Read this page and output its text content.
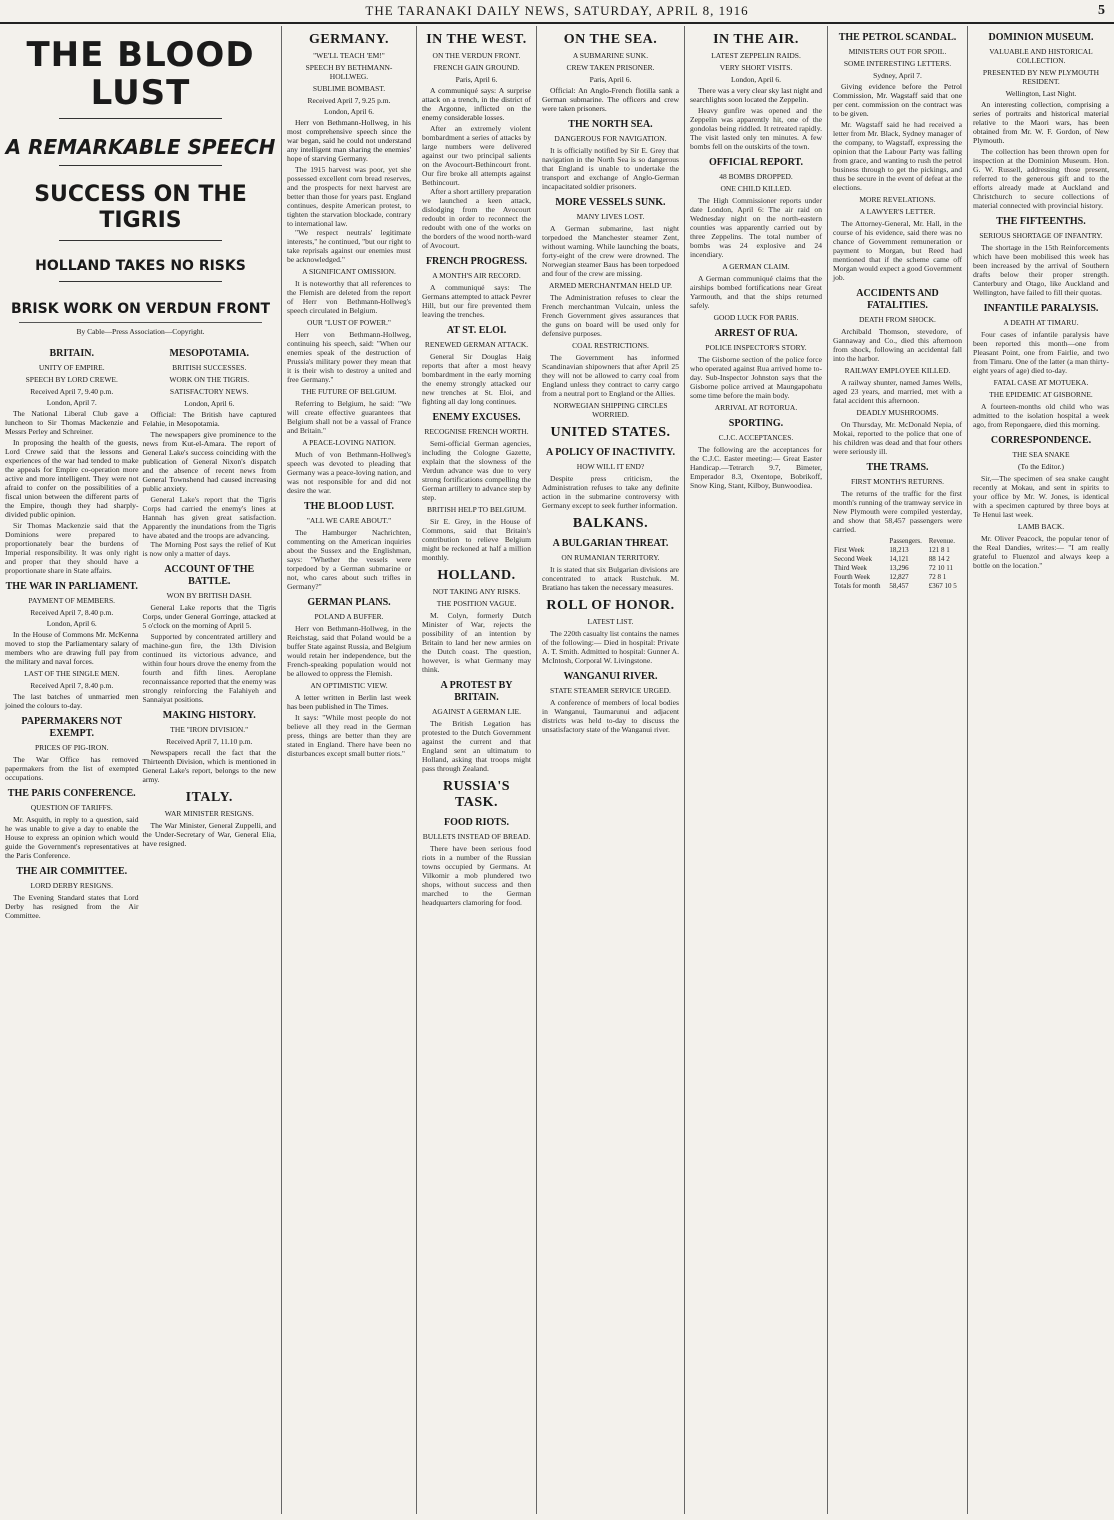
THE TARANAKI DAILY NEWS, SATURDAY, APRIL 8, 1916	5
THE BLOOD LUST
A REMARKABLE SPEECH
SUCCESS ON THE TIGRIS
HOLLAND TAKES NO RISKS
BRISK WORK ON VERDUN FRONT
By Cable—Press Association—Copyright.
BRITAIN.
UNITY OF EMPIRE.
SPEECH BY LORD CREWE.
Received April 7, 9.40 p.m.
London, April 7.

The National Liberal Club gave a luncheon to Sir Thomas Mackenzie and Messrs Perley and Schreiner.

In proposing the health of the guests, Lord Crewe said that the lessons and experiences of the war had tended to make the appeals for Empire co-operation more active and more intelligent. They were not afraid to confer on the possibilities of a fiscal union between the different parts of the Empire, though they had sharply-divided public opinion.

Sir Thomas Mackenzie said that the Dominions were prepared to proportionately bear the burdens of Imperial responsibility. It was only right and proper that they should have a proportionate share in State affairs.

THE WAR IN PARLIAMENT.
PAYMENT OF MEMBERS.
Received April 7, 8.40 p.m.
London, April 6.

In the House of Commons Mr. McKenna moved to stop the Parliamentary salary of members who are drawing full pay from the military and naval forces.

LAST OF THE SINGLE MEN.
Received April 7, 8.40 p.m.

The last batches of unmarried men joined the colours to-day.

PAPERMAKERS NOT EXEMPT.
PRICES OF PIG-IRON.

The War Office has removed papermakers from the list of exempted occupations.

THE PARIS CONFERENCE.
QUESTION OF TARIFFS.

Mr. Asquith, in reply to a question, said he was unable to give a day to enable the House to express an opinion which would guide the Government's representatives at the Paris Conference.

THE AIR COMMITTEE.
LORD DERBY RESIGNS.

The Evening Standard states that Lord Derby has resigned from the Air Committee.

MESOPOTAMIA.
BRITISH SUCCESSES.
WORK ON THE TIGRIS.
SATISFACTORY NEWS.
London, April 6.

Official: The British have captured Felahie, in Mesopotamia.

The newspapers give prominence to the news from Kut-el-Amara. The report of General Lake's success coinciding with the publication of General Nixon's dispatch and the absence of recent news from General Townshend had caused increasing public anxiety.

General Lake's report that the Tigris Corps had carried the enemy's lines at Hannah has given great satisfaction. Apparently the inundations from the Tigris have abated and the troops are advancing.

The Morning Post says the relief of Kut is now only a matter of days.

ACCOUNT OF THE BATTLE.
WON BY BRITISH DASH.

General Lake reports that the Tigris Corps, under General Gorringe, attacked at 5 o'clock on the morning of April 5.

Supported by concentrated artillery and machine-gun fire, the 13th Division continued its victorious advance, and within four hours drove the enemy from the fourth and fifth lines. Aeroplane reconnaissance reported that the enemy was strongly reinforcing the Falahiyeh and Sannaiyat positions.

MAKING HISTORY.
THE "IRON DIVISION."
Received April 7, 11.10 p.m.

Newspapers recall the fact that the Thirteenth Division, which is mentioned in General Lake's report, belongs to the new army.

ITALY.
WAR MINISTER RESIGNS.

The War Minister, General Zuppelli, and the Under-Secretary of War, General Elia, have resigned.

GERMANY.
"WE'LL TEACH 'EM!"
SPEECH BY BETHMANN-HOLLWEG.
SUBLIME BOMBAST.
Received April 7, 9.25 p.m.
London, April 6.

Herr von Bethmann-Hollweg, in his most comprehensive speech since the war began, said he could not understand any intelligent man sharing the enemies' hope of starving Germany.

The 1915 harvest was poor, yet she possessed excellent corn bread reserves, and the prospects for next harvest are better than those for years past. England continues, despite American protest, to tighten the starvation blockade, contrary to international law.

"We respect neutrals' legitimate interests," he continued, "but our right to take reprisals against our enemies must be acknowledged."

A SIGNIFICANT OMISSION.

It is noteworthy that all references to the Flemish are deleted from the report of Herr von Bethmann-Hollweg's speech circulated in Belgium.

OUR "LUST OF POWER."

Herr von Bethmann-Hollweg, continuing his speech, said: "When our enemies speak of the destruction of Prussia's military power they mean that it is their wish to destroy a united and free Germany."

THE FUTURE OF BELGIUM.

Referring to Belgium, he said: "We will create effective guarantees that Belgium shall not be a vassal of France and Britain."

A PEACE-LOVING NATION.

Much of von Bethmann-Hollweg's speech was devoted to pleading that Germany was a peace-loving nation, and was not responsible for and did not desire the war.

THE BLOOD LUST.
"ALL WE CARE ABOUT."

The Hamburger Nachrichten, commenting on the American inquiries about the Sussex and the Englishman, says: "Whether the vessels were torpedoed by a German submarine or not, who cares about such trifles in Germany?"

GERMAN PLANS.
POLAND A BUFFER.

Herr von Bethmann-Hollweg, in the Reichstag, said that Poland would be a buffer State against Russia, and Belgium would retain her independence, but the French-speaking population would not be allowed to oppress the Flemish.

AN OPTIMISTIC VIEW.

A letter written in Berlin last week has been published in The Times.

It says: "While most people do not believe all they read in the German press, things are better than they are stated in England. There have been no disturbances except small butter riots."

IN THE WEST.
ON THE VERDUN FRONT.
FRENCH GAIN GROUND.
Paris, April 6.

A communiqué says: A surprise attack on a trench, in the district of the Argonne, inflicted on the enemy considerable losses.

After an extremely violent bombardment a series of attacks by large numbers were delivered against our two principal salients on the Avocourt-Bethincourt front. Our fire broke all attempts against Bethincourt.

After a short artillery preparation we launched a keen attack, dislodging from the Avocourt redoubt in order to reconnect the redoubt with one of the works on the borders of the wood north-ward of Avocourt.

FRENCH PROGRESS.
A MONTH'S AIR RECORD.

A communiqué says: The Germans attempted to attack Pevrer Hill, but our fire prevented them leaving the trenches.

AT ST. ELOI.
RENEWED GERMAN ATTACK.

General Sir Douglas Haig reports that after a most heavy bombardment in the early morning the enemy strongly attacked our new trenches at St. Eloi, and fighting all day long continues.

ENEMY EXCUSES.
RECOGNISE FRENCH WORTH.

Semi-official German agencies, including the Cologne Gazette, explain that the slowness of the Verdun advance was due to very strong fortifications compelling the German artillery to advance step by step.

BRITISH HELP TO BELGIUM.

Sir E. Grey, in the House of Commons, said that Britain's contribution to relieve Belgium might be reckoned at half a million monthly.

HOLLAND.
NOT TAKING ANY RISKS.
THE POSITION VAGUE.

M. Colyn, formerly Dutch Minister of War, rejects the possibility of an intention by Britain to land her new armies on the Dutch coast. The question, however, is what Germany may think.

A PROTEST BY BRITAIN.
AGAINST A GERMAN LIE.

The British Legation has protested to the Dutch Government against the current and that England sent an ultimatum to Holland, asking that troops might pass through Zealand.

RUSSIA'S TASK.
FOOD RIOTS.
BULLETS INSTEAD OF BREAD.

There have been serious food riots in a number of the Russian towns occupied by Germans. At Vilkomir a mob plundered two shops, without success and then marched to the German headquarters clamoring for food.

ON THE SEA.
A SUBMARINE SUNK.
CREW TAKEN PRISONER.
Paris, April 6.

Official: An Anglo-French flotilla sank a German submarine. The officers and crew were taken prisoners.

THE NORTH SEA.
DANGEROUS FOR NAVIGATION.

It is officially notified by Sir E. Grey that navigation in the North Sea is so dangerous that England is unable to undertake the transport and exchange of Anglo-German incapacitated soldier prisoners.

MORE VESSELS SUNK.
MANY LIVES LOST.

A German submarine, last night torpedoed the Manchester steamer Zent, without warning. While launching the boats, forty-eight of the crew were drowned. The Norwegian steamer Baus has been torpedoed and four of the crew are missing.

ARMED MERCHANTMAN HELD UP.

The Administration refuses to clear the French merchantman Vulcain, unless the French Government gives assurances that the guns on board will be used only for defensive purposes.

COAL RESTRICTIONS.

The Government has informed Scandinavian shipowners that after April 25 they will not be allowed to carry coal from England unless they contract to carry cargo from a neutral port to England or the Allies.

NORWEGIAN SHIPPING CIRCLES WORRIED.
UNITED STATES.
A POLICY OF INACTIVITY.
HOW WILL IT END?

Despite press criticism, the Administration refuses to take any definite action in the submarine controversy with Germany except to seek further information.

BALKANS.
A BULGARIAN THREAT.
ON RUMANIAN TERRITORY.

It is stated that six Bulgarian divisions are concentrated to attack Rustchuk. M. Bratiano has taken the necessary measures.

ROLL OF HONOR.
LATEST LIST.

The 220th casualty list contains the names of the following:— Died in hospital: Private A. T. Smith. Admitted to hospital: Gunner A. McIntosh, Corporal W. Livingstone.

WANGANUI RIVER.
STATE STEAMER SERVICE URGED.

A conference of members of local bodies in Wanganui, Taumarunui and adjacent districts was held to-day to discuss the unsatisfactory state of the Wanganui river.

IN THE AIR.
LATEST ZEPPELIN RAIDS.
VERY SHORT VISITS.
London, April 6.

There was a very clear sky last night and searchlights soon located the Zeppelin.

Heavy gunfire was opened and the Zeppelin was apparently hit, one of the gondolas being riddled. It retreated rapidly. The visit lasted only ten minutes. A few bombs fell on the outskirts of the town.

OFFICIAL REPORT.
48 BOMBS DROPPED.
ONE CHILD KILLED.

The High Commissioner reports under date London, April 6: The air raid on Wednesday night on the north-eastern counties was apparently carried out by three Zeppelins. The total number of bombs was 24 explosive and 24 incendiary.

A GERMAN CLAIM.

A German communiqué claims that the airships bombed fortifications near Great Yarmouth, and that the ships returned safely.

GOOD LUCK FOR PARIS.
ARREST OF RUA.
POLICE INSPECTOR'S STORY.

The Gisborne section of the police force who operated against Rua arrived home to-day. Sub-Inspector Johnston says that the Gisborne police arrived at Maungapohatu some time before the main body.

ARRIVAL AT ROTORUA.
SPORTING.
C.J.C. ACCEPTANCES.

The following are the acceptances for the C.J.C. Easter meeting:— Great Easter Handicap.—Tetrarch 9.7, Bimeter, Emperador 8.3, Oxentope, Bobrikoff, Snow King, Stant, Kilboy, Bunwoodiea.

THE PETROL SCANDAL.
MINISTERS OUT FOR SPOIL.
SOME INTERESTING LETTERS.
Sydney, April 7.

Giving evidence before the Petrol Commission, Mr. Wagstaff said that one per cent. commission on the contract was to be given.

Mr. Wagstaff said he had received a letter from Mr. Black, Sydney manager of the company, to Wagstaff, expressing the opinion that the Labour Party was falling from grace, and wanting to rush the petrol business through to get the pickings, and thus be secure in the event of defeat at the elections.

MORE REVELATIONS.
A LAWYER'S LETTER.

The Attorney-General, Mr. Hall, in the course of his evidence, said there was no chance of Government remuneration or payment to Morgan, but Reed had mentioned that if the scheme came off Morgan would expect a good Government job.

ACCIDENTS AND FATALITIES.
DEATH FROM SHOCK.

Archibald Thomson, stevedore, of Gannaway and Co., died this afternoon from shock, following an accidental fall into the harbor.

RAILWAY EMPLOYEE KILLED.

A railway shunter, named James Wells, aged 23 years, and married, met with a fatal accident this afternoon.

DEADLY MUSHROOMS.

On Thursday, Mr. McDonald Nepia, of Mokai, reported to the police that one of his children was dead and that four others were seriously ill.

THE TRAMS.
FIRST MONTH'S RETURNS.

The returns of the traffic for the first month's running of the tramway service in New Plymouth were compiled yesterday, and show that 58,457 passengers were carried.

	Passengers.	Revenue.
First Week	18,213	121 8 1
Second Week	14,121	88 14 2
Third Week	13,296	72 10 11
Fourth Week	12,827	72 8 1
Totals for month	58,457	£367 10 5
DOMINION MUSEUM.
VALUABLE AND HISTORICAL COLLECTION.
PRESENTED BY NEW PLYMOUTH RESIDENT.
Wellington, Last Night.

An interesting collection, comprising a series of portraits and historical material relative to the Maori wars, has been obtained from Mr. W. F. Gordon, of New Plymouth.

The collection has been thrown open for inspection at the Dominion Museum. Hon. G. W. Russell, addressing those present, referred to the generous gift and to the efforts already made at Auckland and Christchurch to secure collections of material connected with provincial history.

THE FIFTEENTHS.
SERIOUS SHORTAGE OF INFANTRY.

The shortage in the 15th Reinforcements which have been mobilised this week has been increased by the arrival of Southern drafts below their proper strength. Canterbury and Otago, like Auckland and Wellington, have failed to fill their quotas.

INFANTILE PARALYSIS.
A DEATH AT TIMARU.

Four cases of infantile paralysis have been reported this month—one from Pleasant Point, one from Fairlie, and two from Timaru. One of the latter (a man thirty-eight years of age) died to-day.

FATAL CASE AT MOTUEKA.
THE EPIDEMIC AT GISBORNE.

A fourteen-months old child who was admitted to the isolation hospital a week ago, from Repongaere, died this morning.

CORRESPONDENCE.
THE SEA SNAKE
(To the Editor.)

Sir,—The specimen of sea snake caught recently at Mokau, and sent in spirits to your office by Mr. W. Jones, is identical with a specimen captured by three boys at Te Henui last week.

LAMB BACK.

Mr. Oliver Peacock, the popular tenor of the Real Dandies, writes:— "I am really grateful to Fluenzol and always keep a bottle on the location."
